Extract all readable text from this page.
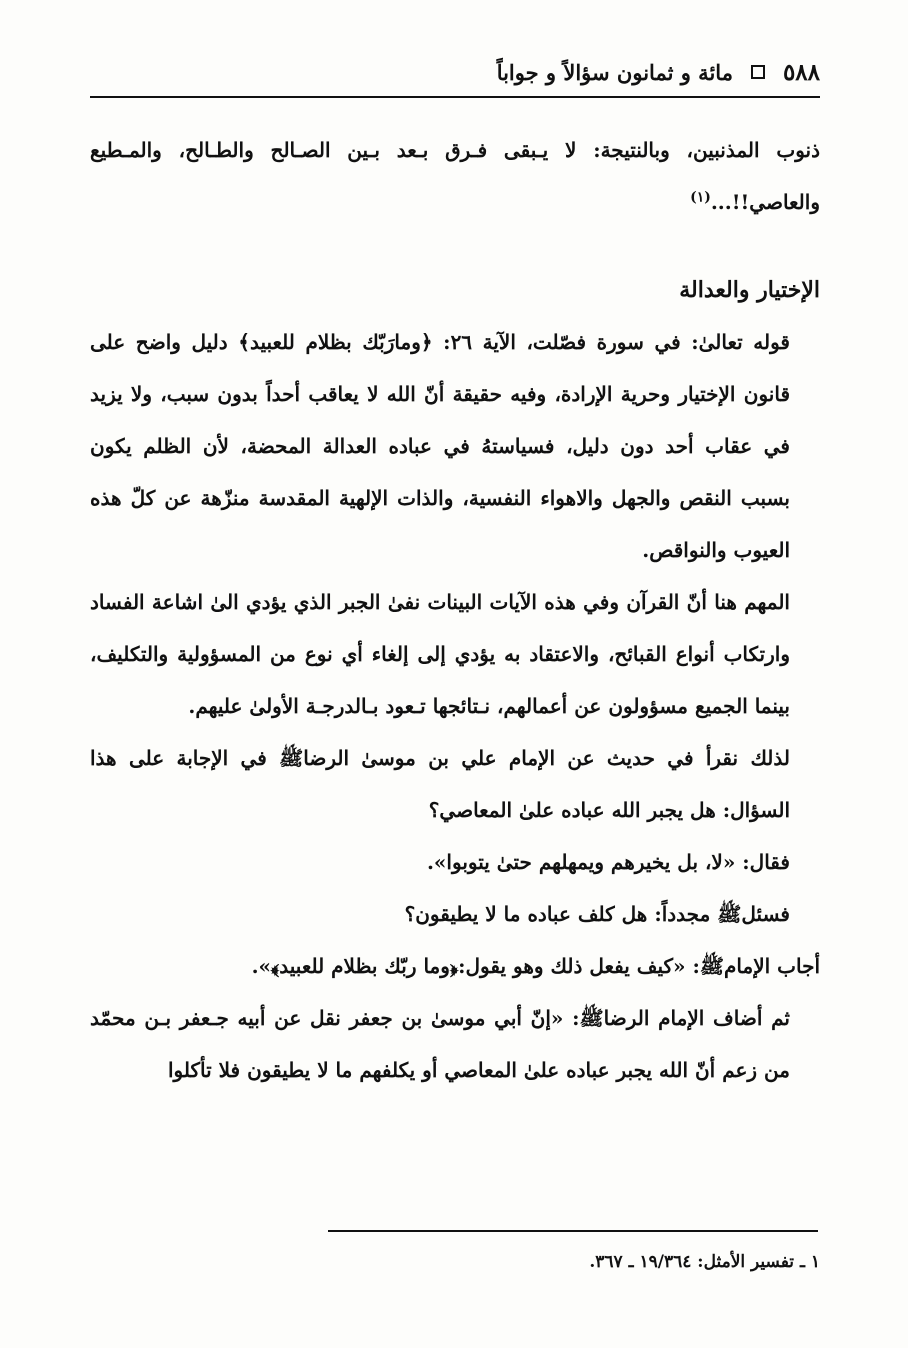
مائة و ثمانون سؤالاً و جواباً ٥٨٨

ذنوب المذنبين، وبالنتيجة: لا يـبقى فـرق بـعد بـين الصـالح والطـالح، والمـطيع والعاصي!!...$^{(١)}$

الإختيار والعدالة

قوله تعالىٰ: في سورة فصّلت، الآية ٢٦: ﴿ومارَبّك بظلام للعبيد﴾ دليل واضح على قانون الإختيار وحرية الإرادة، وفيه حقيقة أنّ الله لا يعاقب أحداً بدون سبب، ولا يزيد في عقاب أحد دون دليل، فسياستهُ في عباده العدالة المحضة، لأن الظلم يكون بسبب النقص والجهل والاهواء النفسية، والذات الإلهية المقدسة منزّهة عن كلّ هذه العيوب والنواقص.

المهم هنا أنّ القرآن وفي هذه الآيات البينات نفىٰ الجبر الذي يؤدي الىٰ اشاعة الفساد وارتكاب أنواع القبائح، والاعتقاد به يؤدي إلى إلغاء أي نوع من المسؤولية والتكليف، بينما الجميع مسؤولون عن أعمالهم، نـتائجها تـعود بـالدرجـة الأولىٰ عليهم.

لذلك نقرأ في حديث عن الإمام علي بن موسىٰ الرضاﷺ في الإجابة على هذا السؤال: هل يجبر الله عباده علىٰ المعاصي؟

فقال: «لا، بل يخيرهم ويمهلهم حتىٰ يتوبوا».

فسئلﷺ مجدداً: هل كلف عباده ما لا يطيقون؟

أجاب الإمامﷺ: «كيف يفعل ذلك وهو يقول:﴿وما ربّك بظلام للعبيد﴾».

ثم أضاف الإمام الرضاﷺ: «إنّ أبي موسىٰ بن جعفر نقل عن أبيه جـعفر بـن محمّد من زعم أنّ الله يجبر عباده علىٰ المعاصي أو يكلفهم ما لا يطيقون فلا تأكلوا

١ ـ تفسير الأمثل: ١٩/٣٦٤ ـ ٣٦٧.
